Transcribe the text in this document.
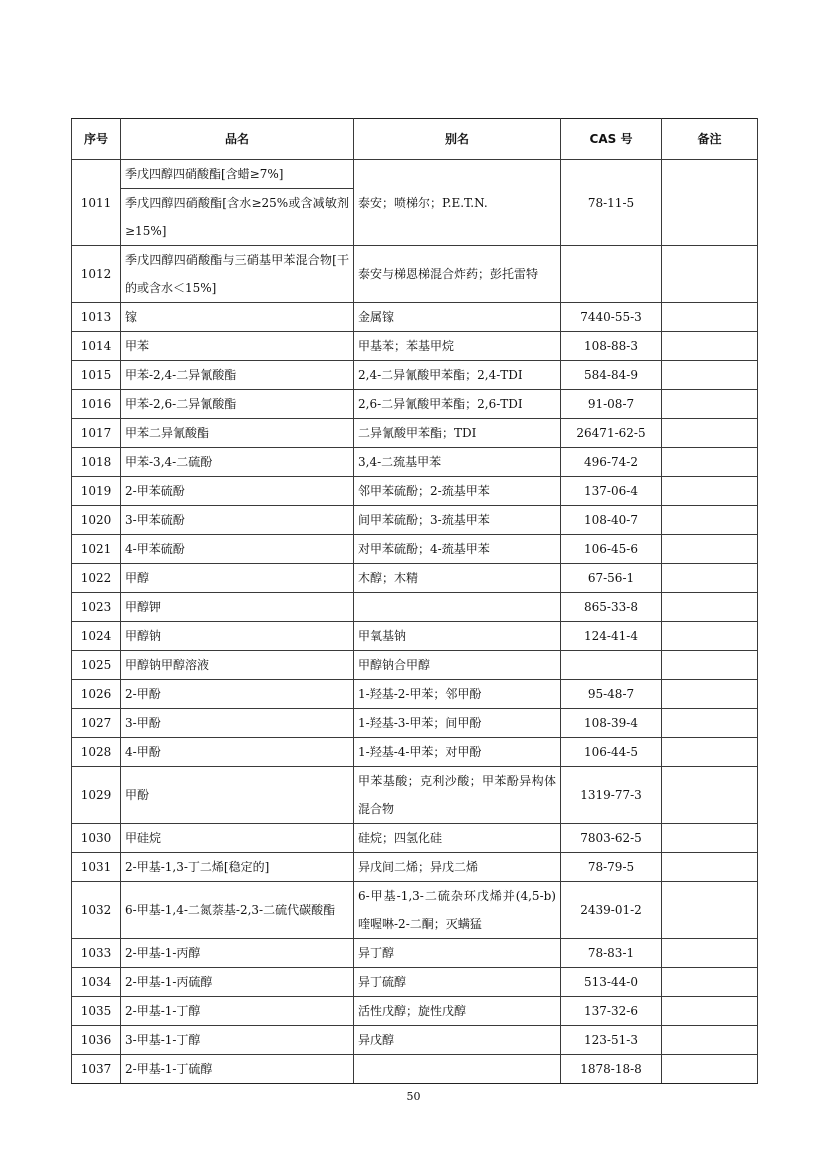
序号	品名	别名	CAS 号	备注
1011	季戊四醇四硝酸酯[含蜡≥7%]	泰安；喷梯尔；P.E.T.N.	78-11-5	
	季戊四醇四硝酸酯[含水≥25%或含减敏剂≥15%]			
1012	季戊四醇四硝酸酯与三硝基甲苯混合物[干的或含水＜15%]	泰安与梯恩梯混合炸药；彭托雷特		
1013	镓	金属镓	7440-55-3	
1014	甲苯	甲基苯；苯基甲烷	108-88-3	
1015	甲苯-2,4-二异氰酸酯	2,4-二异氰酸甲苯酯；2,4-TDI	584-84-9	
1016	甲苯-2,6-二异氰酸酯	2,6-二异氰酸甲苯酯；2,6-TDI	91-08-7	
1017	甲苯二异氰酸酯	二异氰酸甲苯酯；TDI	26471-62-5	
1018	甲苯-3,4-二硫酚	3,4-二巯基甲苯	496-74-2	
1019	2-甲苯硫酚	邻甲苯硫酚；2-巯基甲苯	137-06-4	
1020	3-甲苯硫酚	间甲苯硫酚；3-巯基甲苯	108-40-7	
1021	4-甲苯硫酚	对甲苯硫酚；4-巯基甲苯	106-45-6	
1022	甲醇	木醇；木精	67-56-1	
1023	甲醇钾		865-33-8	
1024	甲醇钠	甲氧基钠	124-41-4	
1025	甲醇钠甲醇溶液	甲醇钠合甲醇		
1026	2-甲酚	1-羟基-2-甲苯；邻甲酚	95-48-7	
1027	3-甲酚	1-羟基-3-甲苯；间甲酚	108-39-4	
1028	4-甲酚	1-羟基-4-甲苯；对甲酚	106-44-5	
1029	甲酚	甲苯基酸；克利沙酸；甲苯酚异构体混合物	1319-77-3	
1030	甲硅烷	硅烷；四氢化硅	7803-62-5	
1031	2-甲基-1,3-丁二烯[稳定的]	异戊间二烯；异戊二烯	78-79-5	
1032	6-甲基-1,4-二氮萘基-2,3-二硫代碳酸酯	6-甲基-1,3-二硫杂环戊烯并(4,5-b)喹喔啉-2-二酮；灭螨猛	2439-01-2	
1033	2-甲基-1-丙醇	异丁醇	78-83-1	
1034	2-甲基-1-丙硫醇	异丁硫醇	513-44-0	
1035	2-甲基-1-丁醇	活性戊醇；旋性戊醇	137-32-6	
1036	3-甲基-1-丁醇	异戊醇	123-51-3	
1037	2-甲基-1-丁硫醇		1878-18-8	
50
